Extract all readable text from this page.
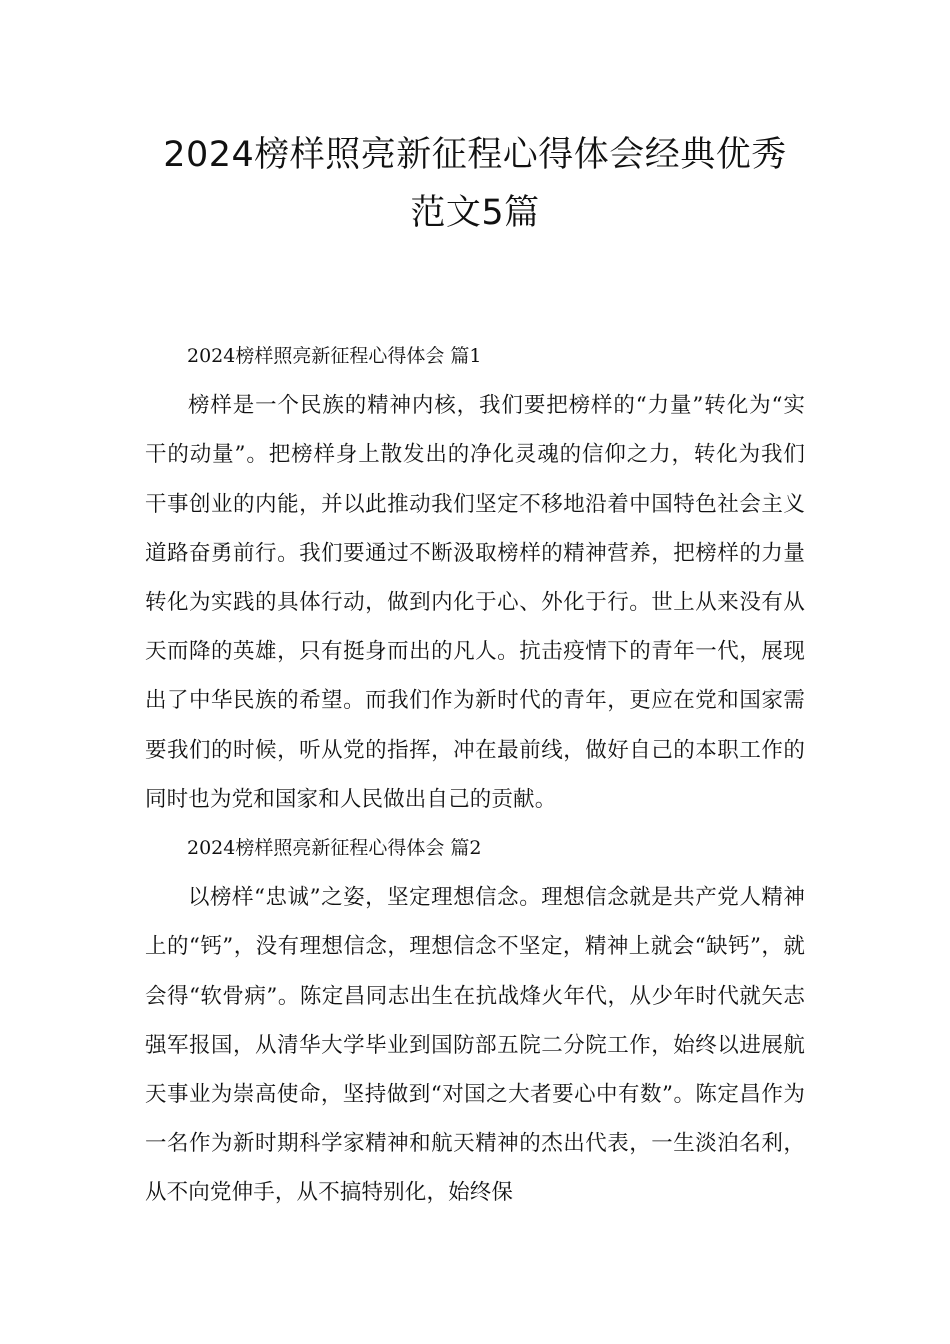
2024榜样照亮新征程心得体会经典优秀
范文5篇
2024榜样照亮新征程心得体会 篇1

榜样是一个民族的精神内核，我们要把榜样的“力量”转化为“实干的动量”。把榜样身上散发出的净化灵魂的信仰之力，转化为我们干事创业的内能，并以此推动我们坚定不移地沿着中国特色社会主义道路奋勇前行。我们要通过不断汲取榜样的精神营养，把榜样的力量转化为实践的具体行动，做到内化于心、外化于行。世上从来没有从天而降的英雄，只有挺身而出的凡人。抗击疫情下的青年一代，展现出了中华民族的希望。而我们作为新时代的青年，更应在党和国家需要我们的时候，听从党的指挥，冲在最前线，做好自己的本职工作的同时也为党和国家和人民做出自己的贡献。

2024榜样照亮新征程心得体会 篇2

以榜样“忠诚”之姿，坚定理想信念。理想信念就是共产党人精神上的“钙”，没有理想信念，理想信念不坚定，精神上就会“缺钙”，就会得“软骨病”。陈定昌同志出生在抗战烽火年代，从少年时代就矢志强军报国，从清华大学毕业到国防部五院二分院工作，始终以进展航天事业为崇高使命，坚持做到“对国之大者要心中有数”。陈定昌作为一名作为新时期科学家精神和航天精神的杰出代表，一生淡泊名利，从不向党伸手，从不搞特别化，始终保
